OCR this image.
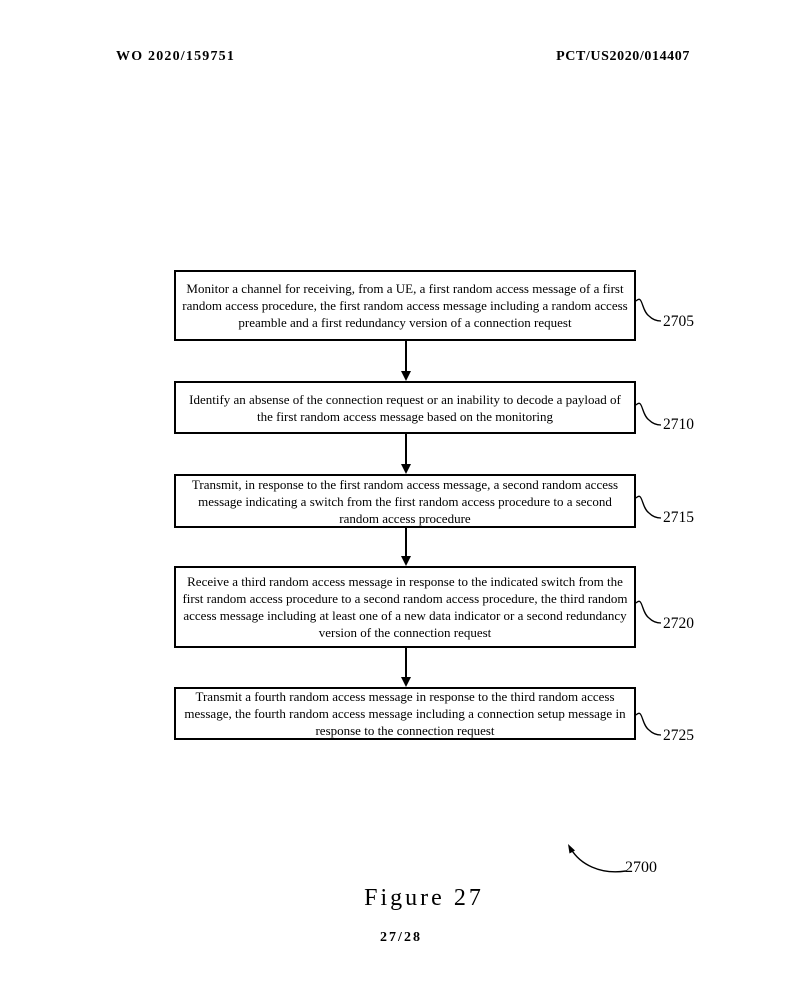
WO 2020/159751	PCT/US2020/014407
Monitor a channel for receiving, from a UE, a first random access message of a first random access procedure, the first random access message including a random access preamble and a first redundancy version of a connection request
Identify an absense of the connection request or an inability to decode a payload of the first random access message based on the monitoring
Transmit, in response to the first random access message, a second random access message indicating a switch from the first random access procedure to a second random access procedure
Receive a third random access message in response to the indicated switch from the first random access procedure to a second random access procedure, the third random access message including at least one of a new data indicator or a second redundancy version of the connection request
Transmit a fourth random access message in response to the third random access message, the fourth random access message including a connection setup message in response to the connection request
2705
2710
2715
2720
2725
2700
Figure 27
27/28
